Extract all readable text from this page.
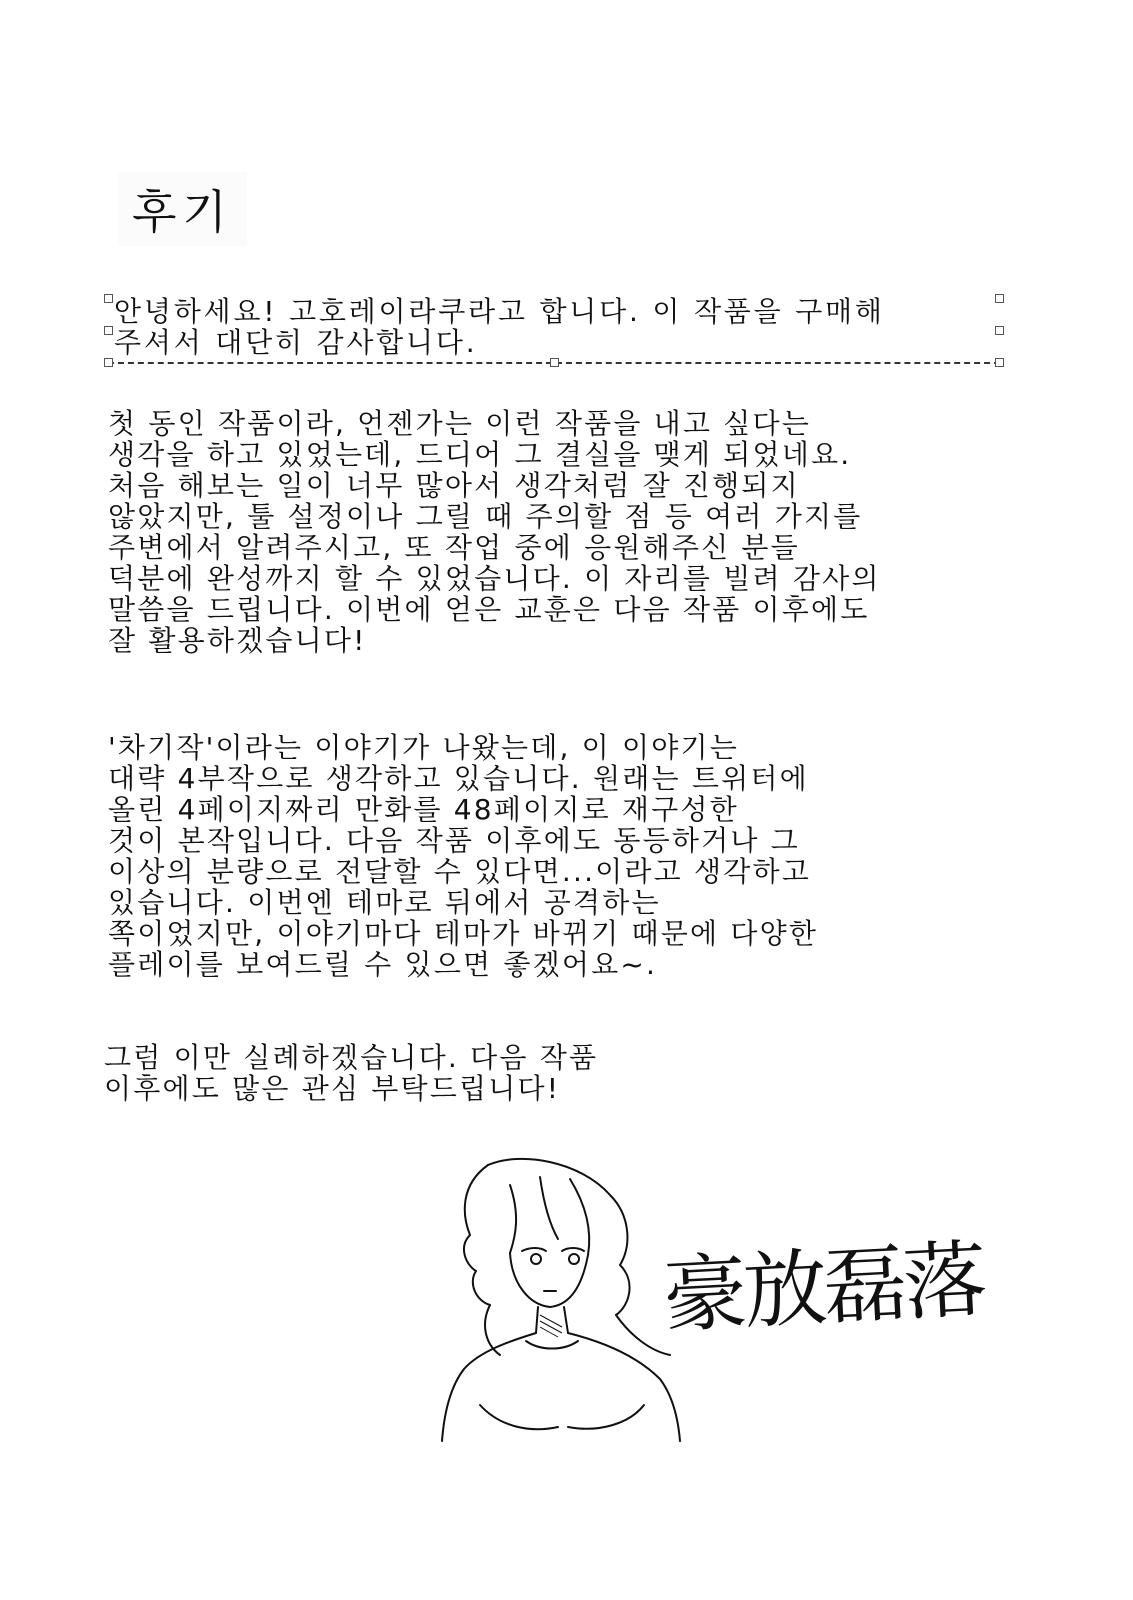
후기
안녕하세요! 고호레이라쿠라고 합니다. 이 작품을 구매해
주셔서 대단히 감사합니다.
첫 동인 작품이라, 언젠가는 이런 작품을 내고 싶다는
생각을 하고 있었는데, 드디어 그 결실을 맺게 되었네요.
처음 해보는 일이 너무 많아서 생각처럼 잘 진행되지
않았지만, 툴 설정이나 그릴 때 주의할 점 등 여러 가지를
주변에서 알려주시고, 또 작업 중에 응원해주신 분들
덕분에 완성까지 할 수 있었습니다. 이 자리를 빌려 감사의
말씀을 드립니다. 이번에 얻은 교훈은 다음 작품 이후에도
잘 활용하겠습니다!
'차기작'이라는 이야기가 나왔는데, 이 이야기는
대략 4부작으로 생각하고 있습니다. 원래는 트위터에
올린 4페이지짜리 만화를 48페이지로 재구성한
것이 본작입니다. 다음 작품 이후에도 동등하거나 그
이상의 분량으로 전달할 수 있다면...이라고 생각하고
있습니다. 이번엔 테마로 뒤에서 공격하는
쪽이었지만, 이야기마다 테마가 바뀌기 때문에 다양한
플레이를 보여드릴 수 있으면 좋겠어요~.
그럼 이만 실례하겠습니다. 다음 작품
이후에도 많은 관심 부탁드립니다!
豪放磊落
